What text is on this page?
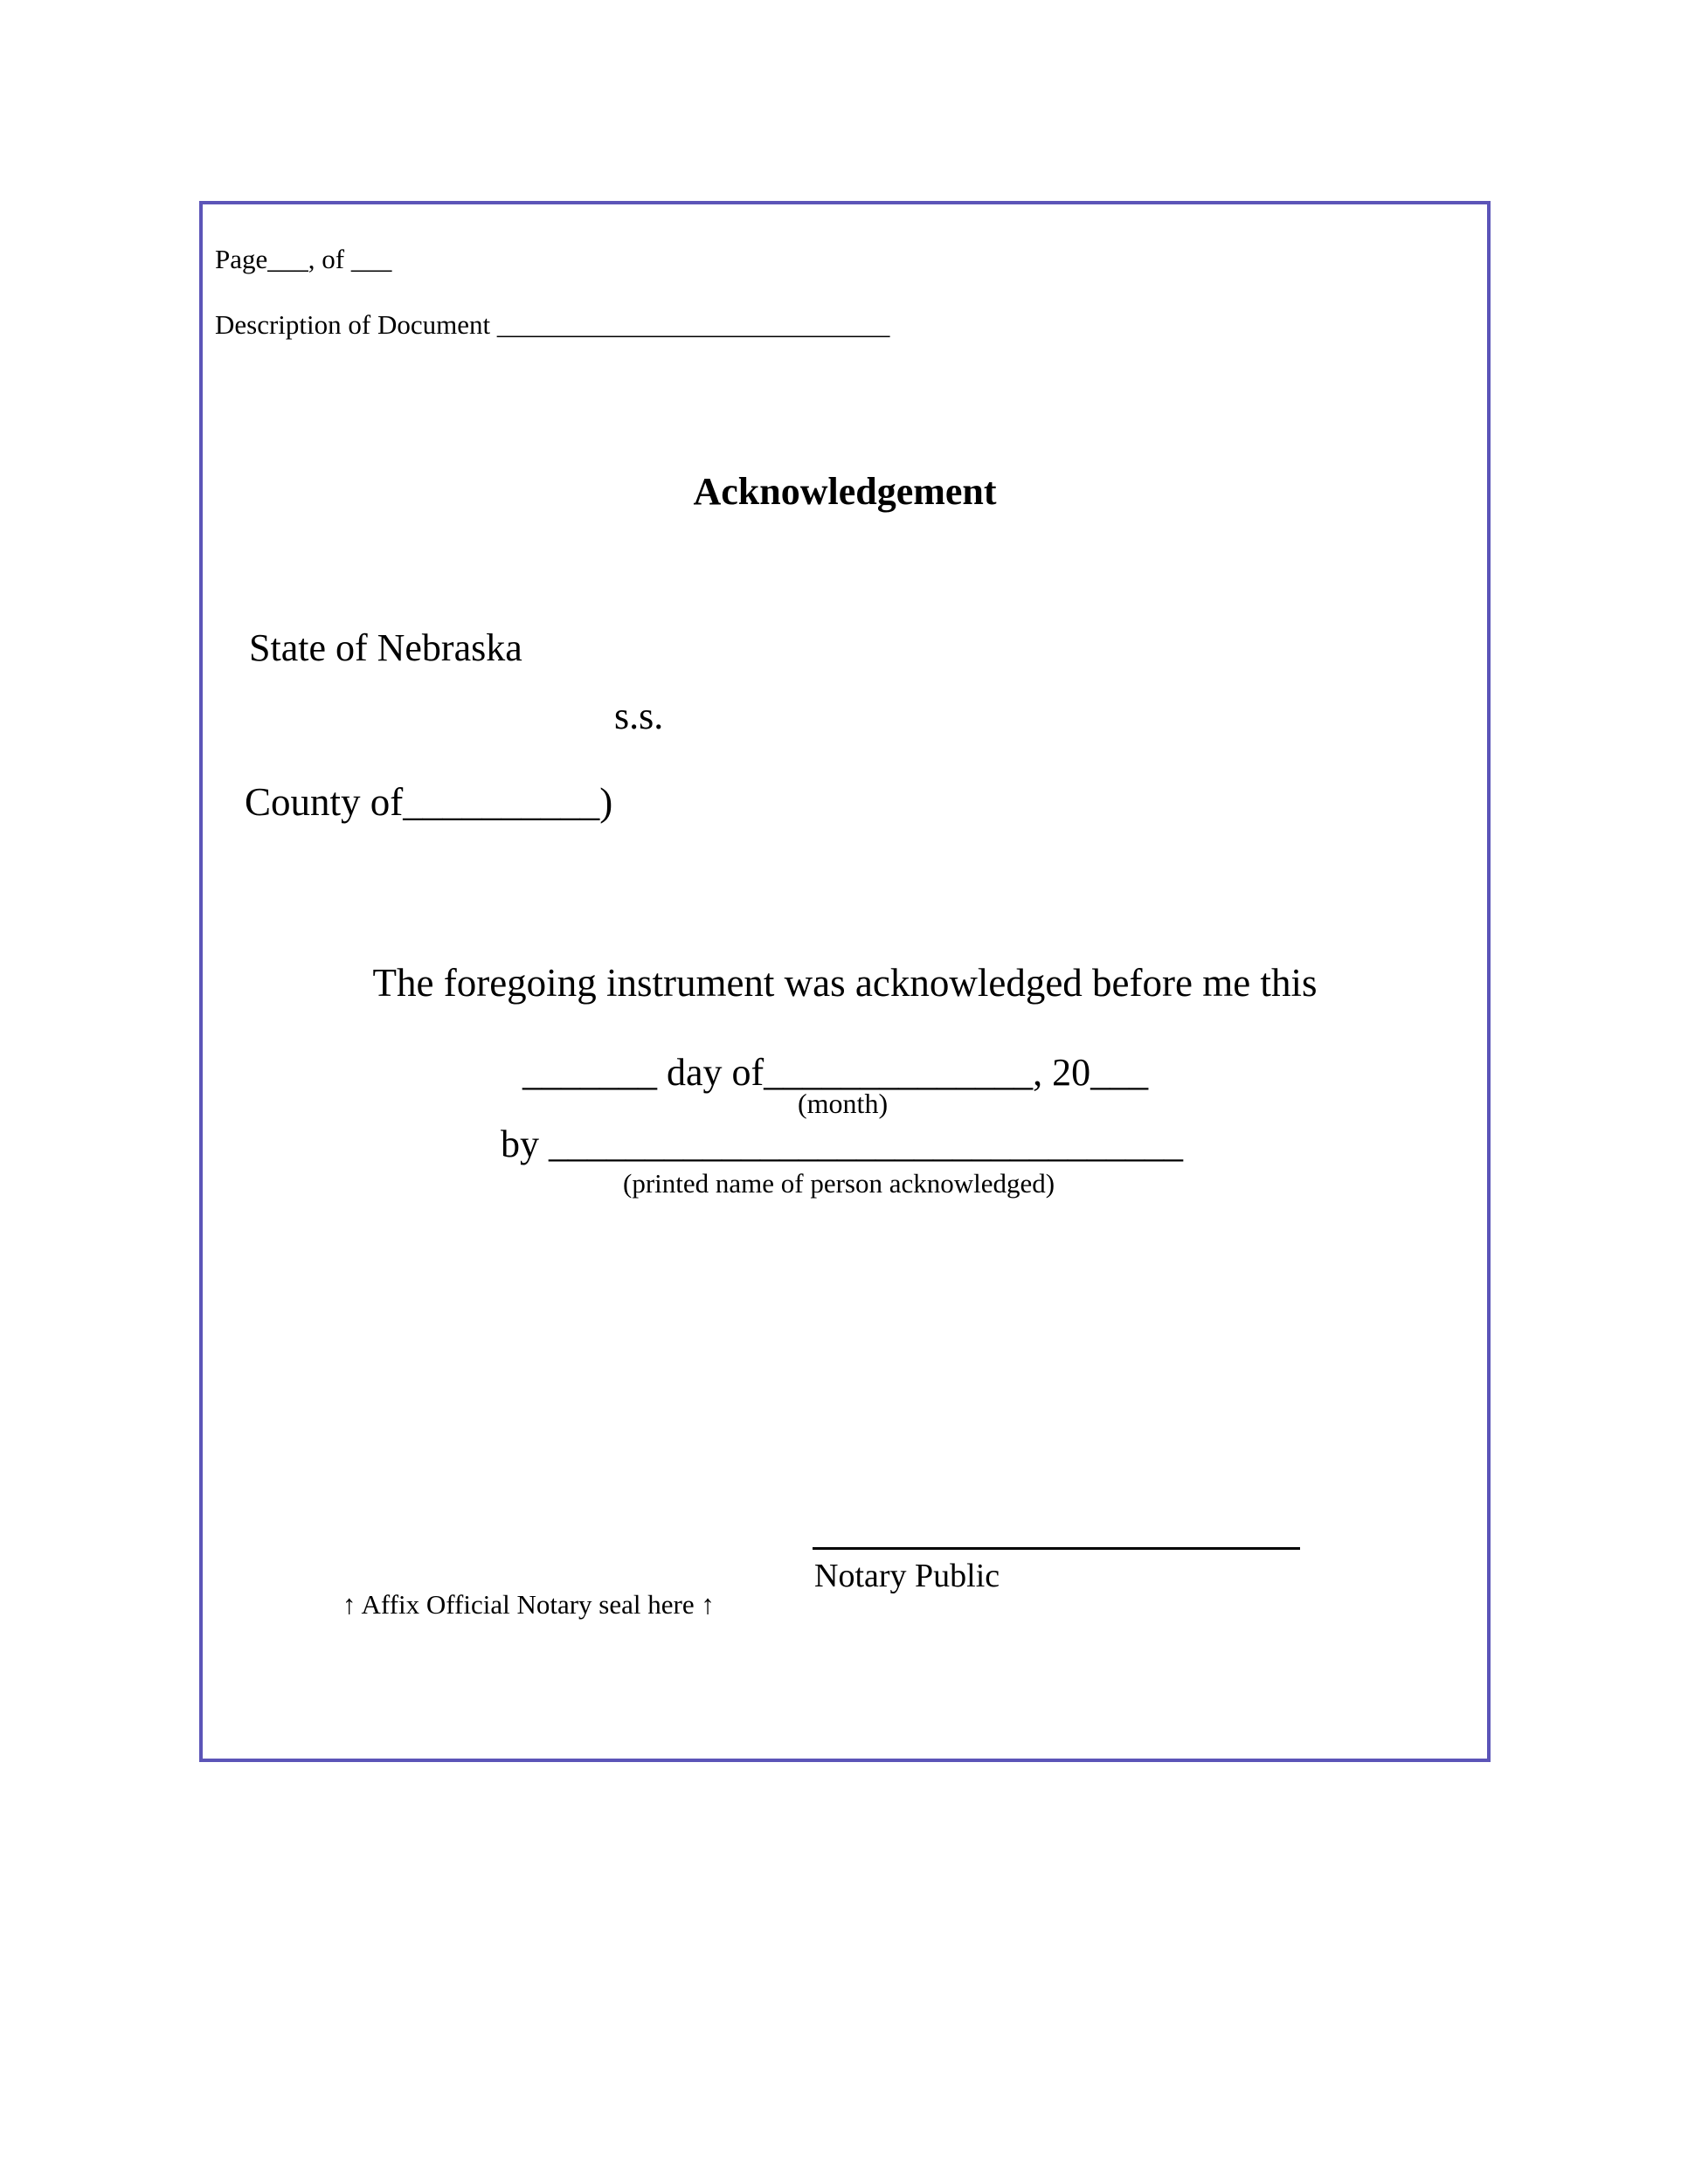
Page___, of ___
Description of Document _____________________________
Acknowledgement
State of Nebraska
s.s.
County of__________)
The foregoing instrument was acknowledged before me this
_______ day of______________, 20___
(month)
by _________________________________
(printed name of person acknowledged)
Notary Public
↑ Affix Official Notary seal here ↑
